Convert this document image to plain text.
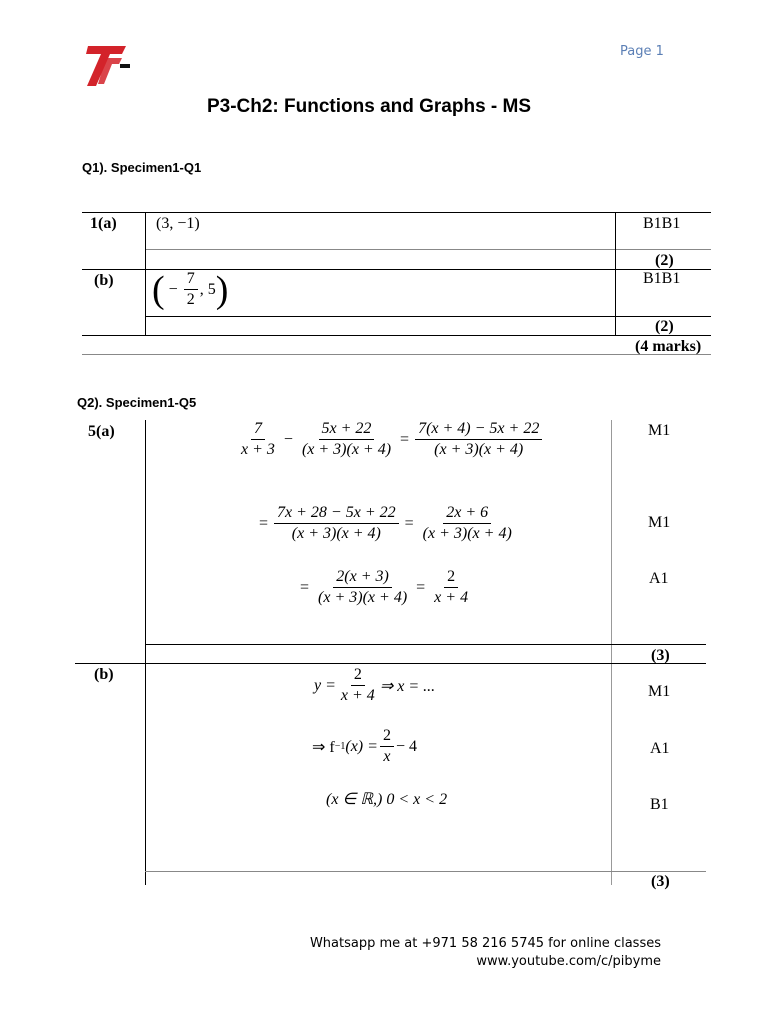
Page 1
P3-Ch2: Functions and Graphs - MS
Q1). Specimen1-Q1
1(a) (3, −1)	B1B1
(2)
(b) ( − $\frac{7}{2}$ , 5 )	B1B1
(2)
(4 marks)
Q2). Specimen1-Q5
5(a)	$\frac{7}{x + 3} - \frac{5x + 22}{(x + 3)(x + 4)} = \frac{7(x + 4) - 5x + 22}{(x + 3)(x + 4)}$	M1
= $\frac{7x + 28 - 5x + 22}{(x + 3)(x + 4)} = \frac{2x + 6}{(x + 3)(x + 4)}$	M1
= $\frac{2(x + 3)}{(x + 3)(x + 4)} = \frac{2}{x + 4}$	A1
(3)
(b)
$y = \frac{2}{x + 4}$ ⇒ x = ...	M1
⇒ f −1 $(x) = \frac{2}{x} - 4$	A1
(x ∈ ℝ,) 0 < x < 2	B1
(3)
Whatsapp me at +971 58 216 5745 for online classes
www.youtube.com/c/pibyme
